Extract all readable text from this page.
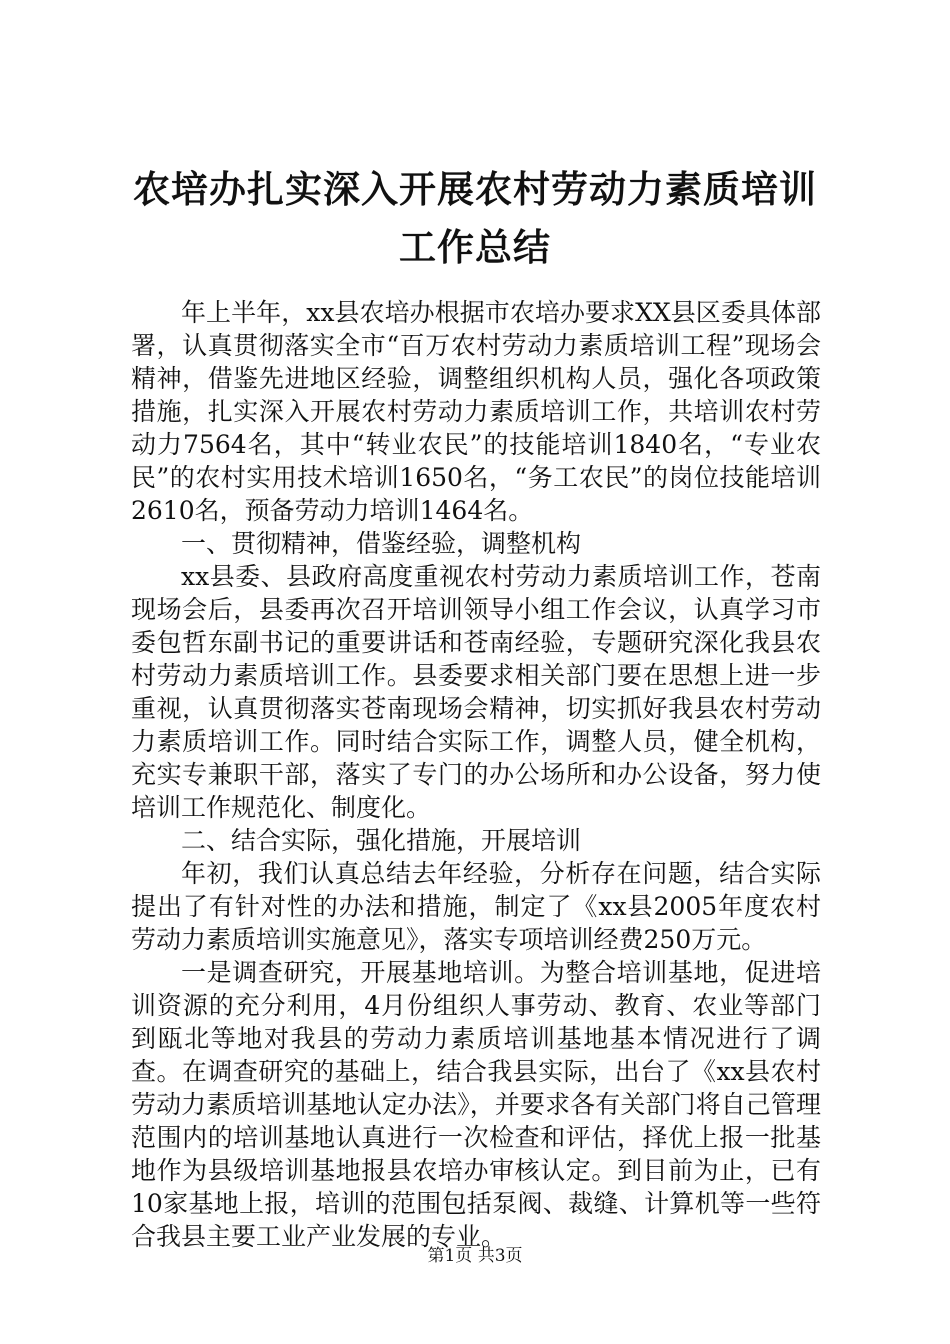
农培办扎实深入开展农村劳动力素质培训工作总结

年上半年，xx县农培办根据市农培办要求XX县区委具体部署，认真贯彻落实全市“百万农村劳动力素质培训工程”现场会精神，借鉴先进地区经验，调整组织机构人员，强化各项政策措施，扎实深入开展农村劳动力素质培训工作，共培训农村劳动力7564名，其中“转业农民”的技能培训1840名，“专业农民”的农村实用技术培训1650名，“务工农民”的岗位技能培训2610名，预备劳动力培训1464名。

一、贯彻精神，借鉴经验，调整机构

xx县委、县政府高度重视农村劳动力素质培训工作，苍南现场会后，县委再次召开培训领导小组工作会议，认真学习市委包哲东副书记的重要讲话和苍南经验，专题研究深化我县农村劳动力素质培训工作。县委要求相关部门要在思想上进一步重视，认真贯彻落实苍南现场会精神，切实抓好我县农村劳动力素质培训工作。同时结合实际工作，调整人员，健全机构，充实专兼职干部，落实了专门的办公场所和办公设备，努力使培训工作规范化、制度化。

二、结合实际，强化措施，开展培训

年初，我们认真总结去年经验，分析存在问题，结合实际提出了有针对性的办法和措施，制定了《xx县2005年度农村劳动力素质培训实施意见》，落实专项培训经费250万元。

一是调查研究，开展基地培训。为整合培训基地，促进培训资源的充分利用，4月份组织人事劳动、教育、农业等部门到瓯北等地对我县的劳动力素质培训基地基本情况进行了调查。在调查研究的基础上，结合我县实际，出台了《xx县农村劳动力素质培训基地认定办法》，并要求各有关部门将自己管理范围内的培训基地认真进行一次检查和评估，择优上报一批基地作为县级培训基地报县农培办审核认定。到目前为止，已有10家基地上报，培训的范围包括泵阀、裁缝、计算机等一些符合我县主要工业产业发展的专业。

第1页 共3页
